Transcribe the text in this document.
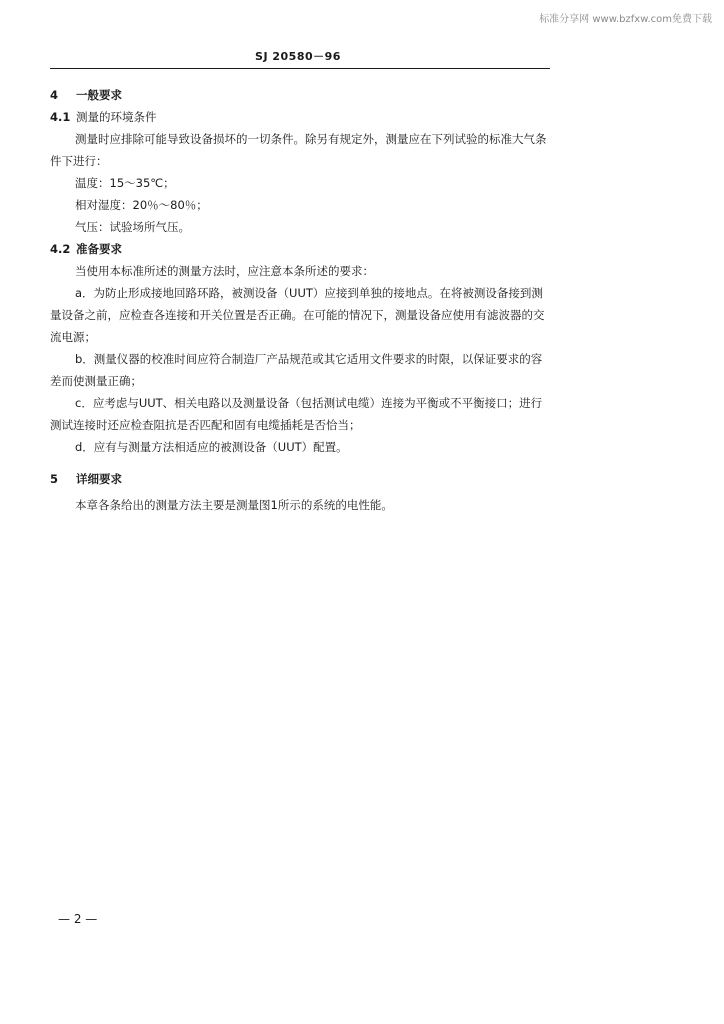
标准分享网 www.bzfxw.com免费下载
SJ 20580－96

4 一般要求

4.1 测量的环境条件

测量时应排除可能导致设备损坏的一切条件。除另有规定外，测量应在下列试验的标准大气条件下进行：

温度：15～35℃；

相对湿度：20％～80％；

气压：试验场所气压。

4.2 准备要求

当使用本标准所述的测量方法时，应注意本条所述的要求：

a．为防止形成接地回路环路，被测设备（UUT）应接到单独的接地点。在将被测设备接到测量设备之前，应检查各连接和开关位置是否正确。在可能的情况下，测量设备应使用有滤波器的交流电源；

b．测量仪器的校准时间应符合制造厂产品规范或其它适用文件要求的时限，以保证要求的容差而使测量正确；

c．应考虑与UUT、相关电路以及测量设备（包括测试电缆）连接为平衡或不平衡接口；进行测试连接时还应检查阻抗是否匹配和固有电缆插耗是否恰当；

d．应有与测量方法相适应的被测设备（UUT）配置。

5 详细要求

本章各条给出的测量方法主要是测量图1所示的系统的电性能。

— 2 —
